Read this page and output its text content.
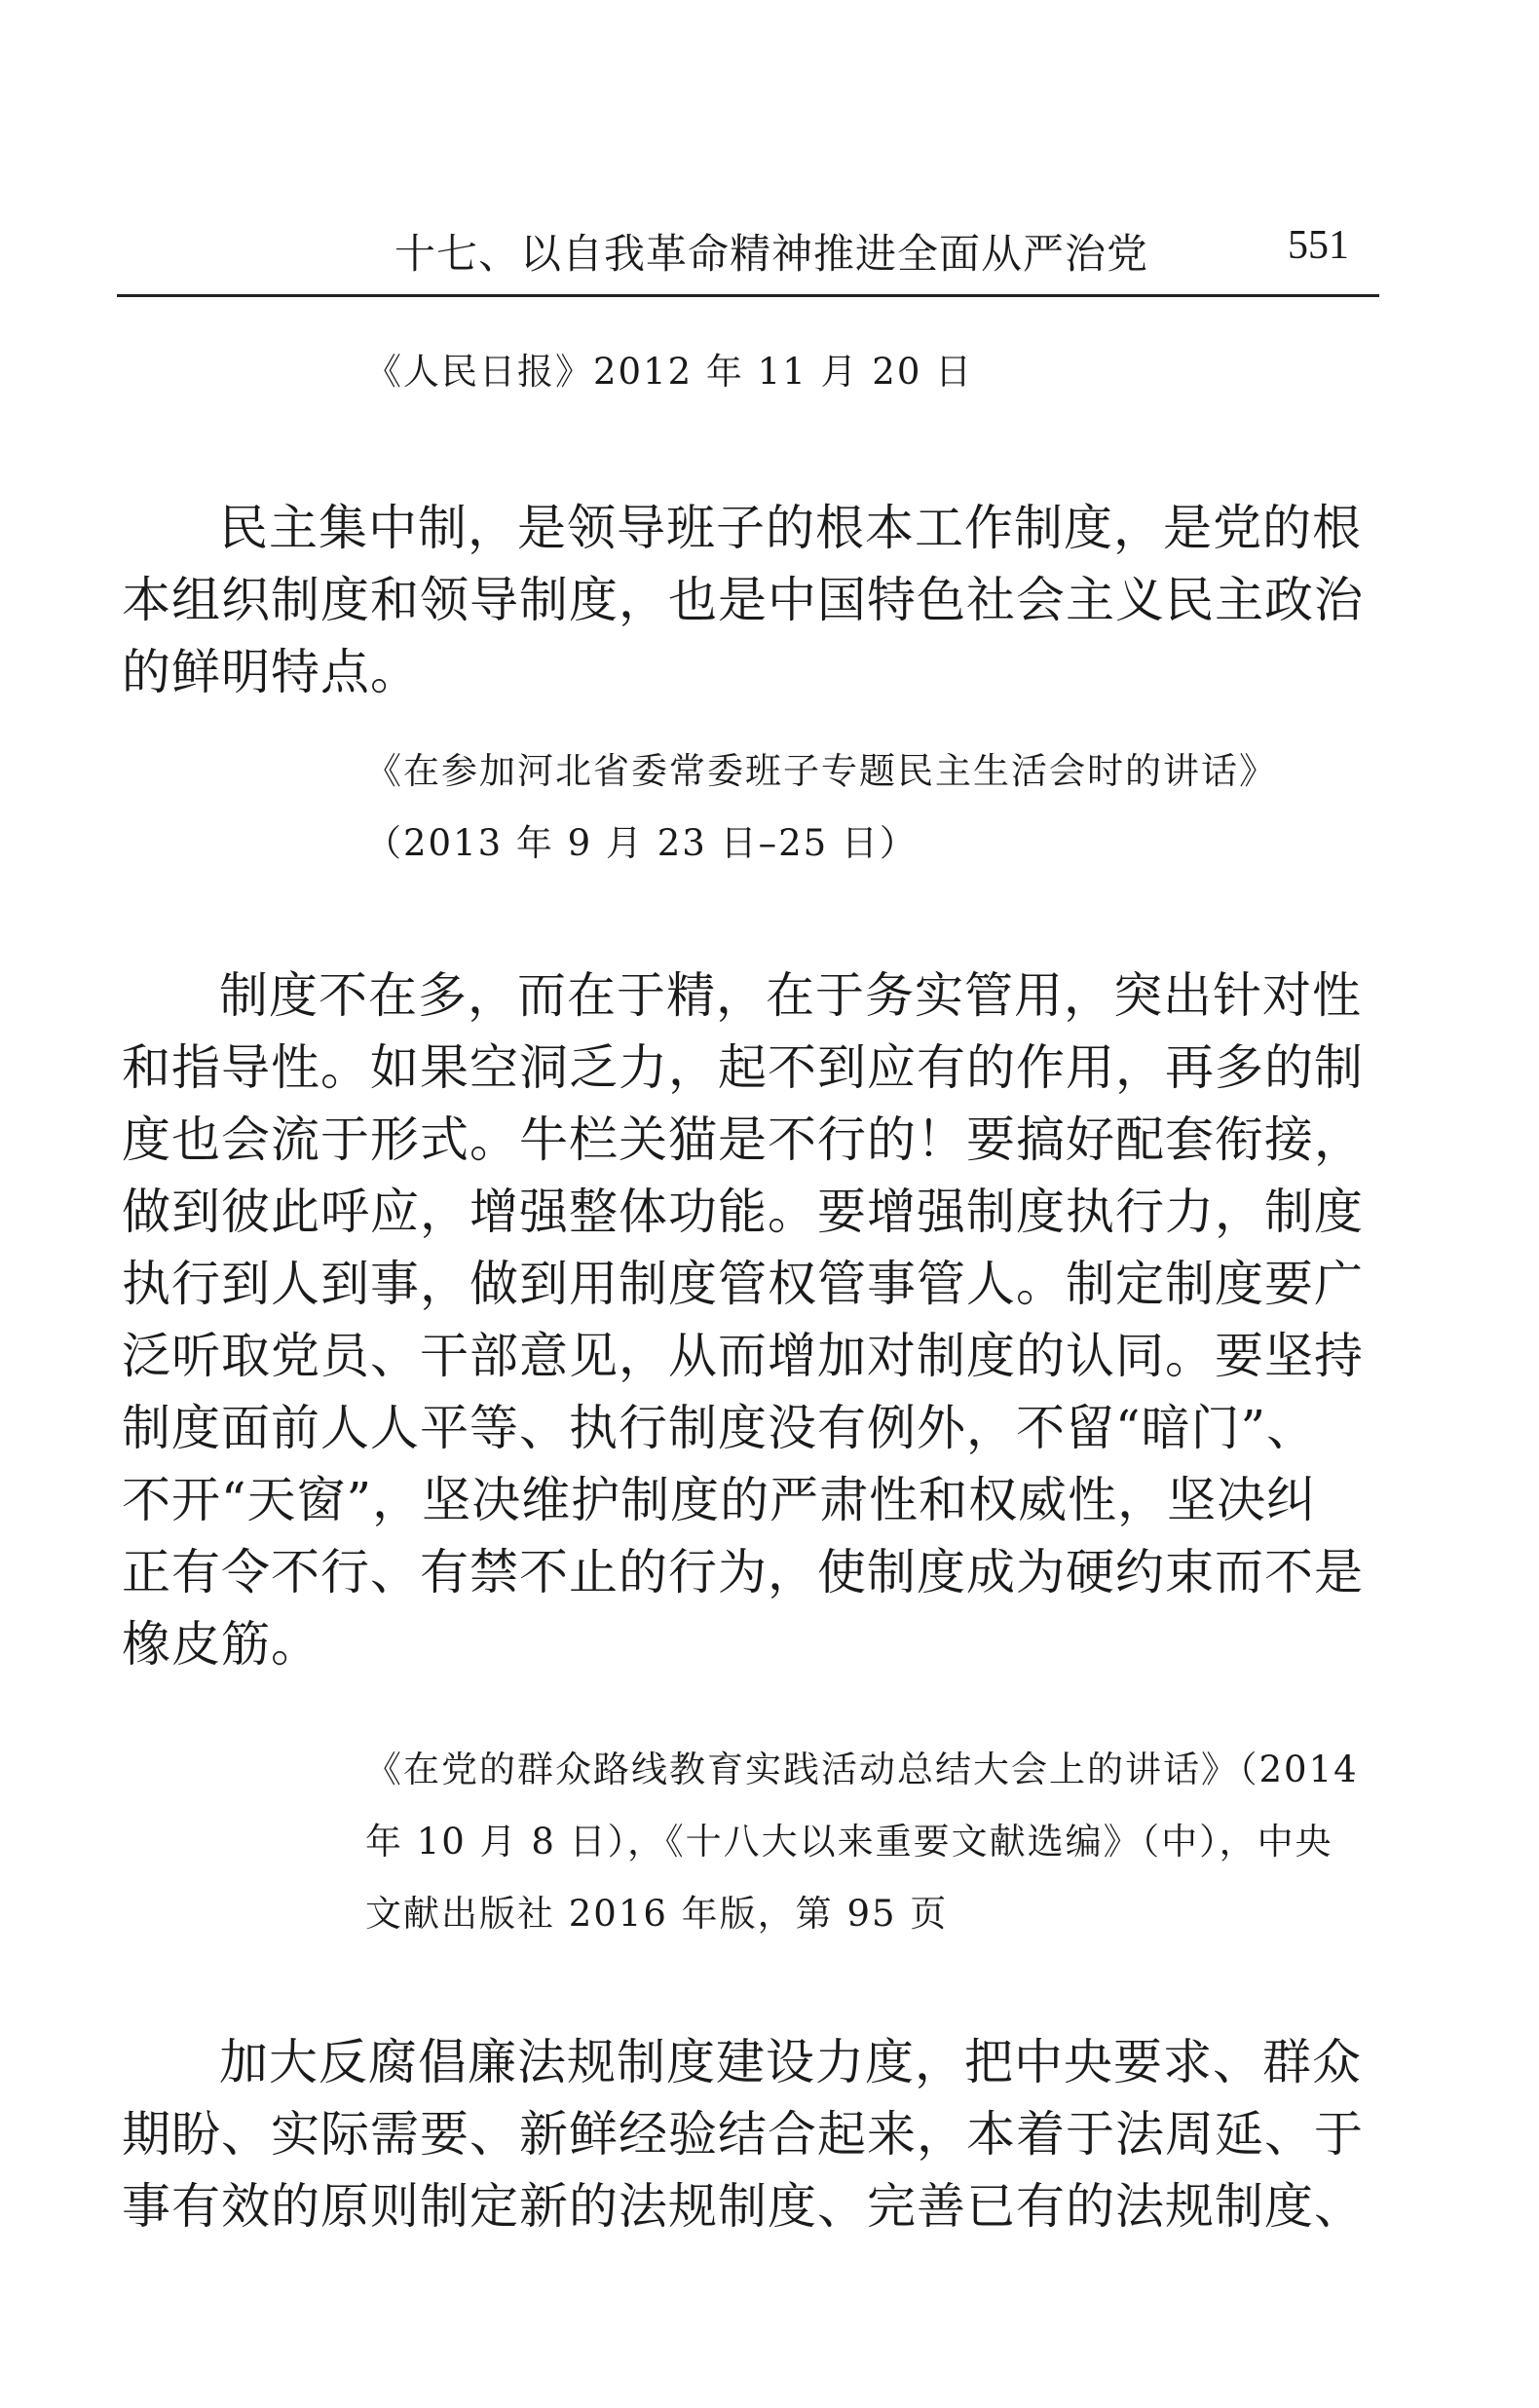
十七、以自我革命精神推进全面从严治党	551
《人民日报》2012 年 11 月 20 日
民主集中制，是领导班子的根本工作制度，是党的根
本组织制度和领导制度，也是中国特色社会主义民主政治
的鲜明特点。
《在参加河北省委常委班子专题民主生活会时的讲话》
（2013 年 9 月 23 日–25 日）
制度不在多，而在于精，在于务实管用，突出针对性
和指导性。如果空洞乏力，起不到应有的作用，再多的制
度也会流于形式。牛栏关猫是不行的！要搞好配套衔接，
做到彼此呼应，增强整体功能。要增强制度执行力，制度
执行到人到事，做到用制度管权管事管人。制定制度要广
泛听取党员、干部意见，从而增加对制度的认同。要坚持
制度面前人人平等、执行制度没有例外，不留“暗门”、
不开“天窗”，坚决维护制度的严肃性和权威性，坚决纠
正有令不行、有禁不止的行为，使制度成为硬约束而不是
橡皮筋。
《在党的群众路线教育实践活动总结大会上的讲话》（2014
年 10 月 8 日），《十八大以来重要文献选编》（中），中央
文献出版社 2016 年版，第 95 页
加大反腐倡廉法规制度建设力度，把中央要求、群众
期盼、实际需要、新鲜经验结合起来，本着于法周延、于
事有效的原则制定新的法规制度、完善已有的法规制度、
